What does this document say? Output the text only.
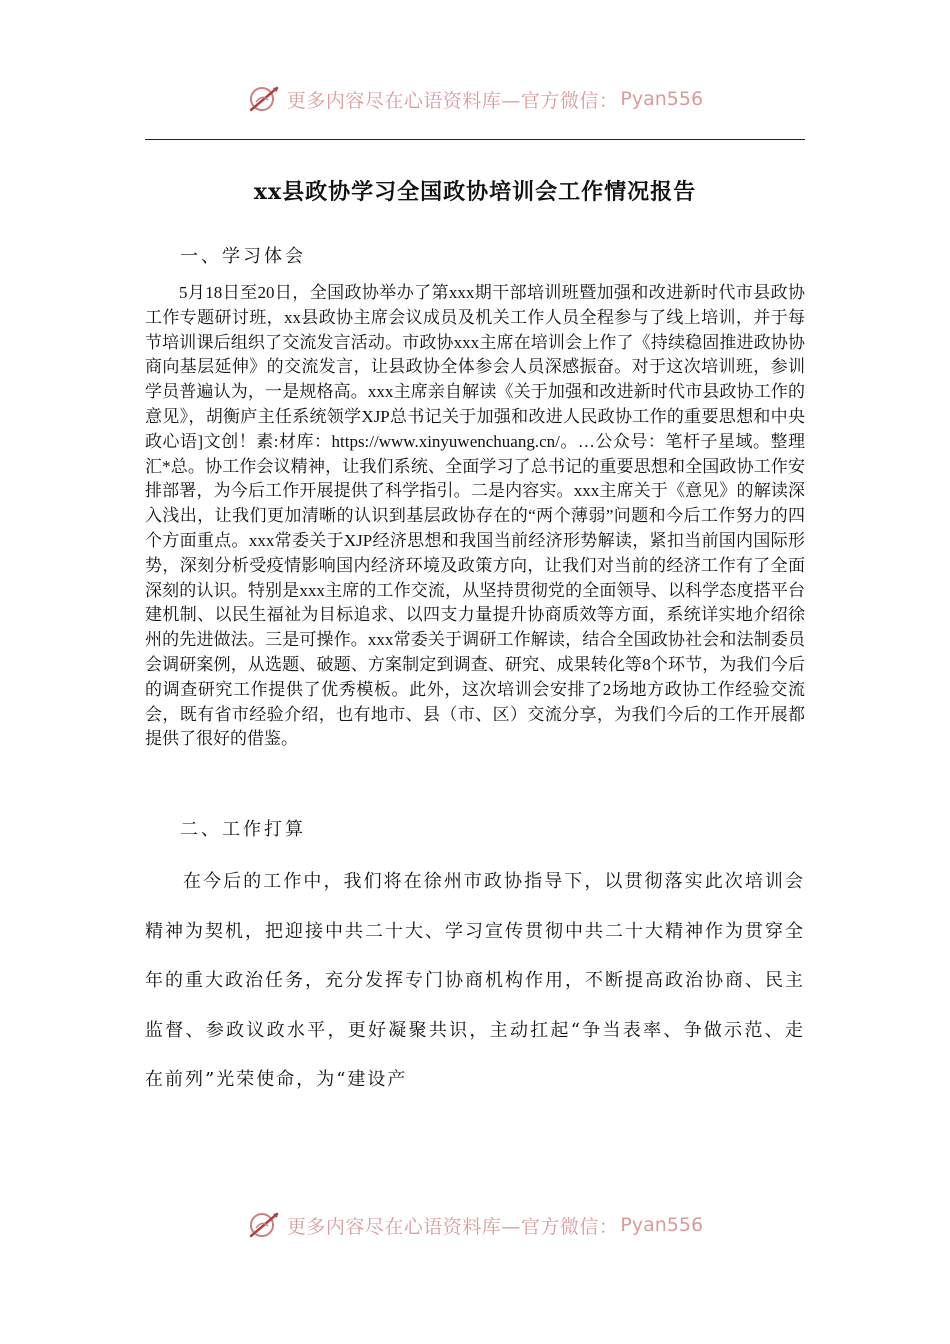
更多内容尽在心语资料库—官方微信： Pyan556
xx县政协学习全国政协培训会工作情况报告
一、学习体会

5月18日至20日，全国政协举办了第xxx期干部培训班暨加强和改进新时代市县政协工作专题研讨班，xx县政协主席会议成员及机关工作人员全程参与了线上培训，并于每节培训课后组织了交流发言活动。市政协xxx主席在培训会上作了《持续稳固推进政协协商向基层延伸》的交流发言，让县政协全体参会人员深感振奋。对于这次培训班，参训学员普遍认为，一是规格高。xxx主席亲自解读《关于加强和改进新时代市县政协工作的意见》，胡衡庐主任系统领学XJP总书记关于加强和改进人民政协工作的重要思想和中央政心语]文创！素:材库：https://www.xinyuwenchuang.cn/。…公众号：笔杆子星域。整理汇*总。协工作会议精神，让我们系统、全面学习了总书记的重要思想和全国政协工作安排部署，为今后工作开展提供了科学指引。二是内容实。xxx主席关于《意见》的解读深入浅出，让我们更加清晰的认识到基层政协存在的“两个薄弱”问题和今后工作努力的四个方面重点。xxx常委关于XJP经济思想和我国当前经济形势解读，紧扣当前国内国际形势，深刻分析受疫情影响国内经济环境及政策方向，让我们对当前的经济工作有了全面深刻的认识。特别是xxx主席的工作交流，从坚持贯彻党的全面领导、以科学态度搭平台建机制、以民生福祉为目标追求、以四支力量提升协商质效等方面，系统详实地介绍徐州的先进做法。三是可操作。xxx常委关于调研工作解读，结合全国政协社会和法制委员会调研案例，从选题、破题、方案制定到调查、研究、成果转化等8个环节，为我们今后的调查研究工作提供了优秀模板。此外，这次培训会安排了2场地方政协工作经验交流会，既有省市经验介绍，也有地市、县（市、区）交流分享，为我们今后的工作开展都提供了很好的借鉴。

二、工作打算

在今后的工作中，我们将在徐州市政协指导下，以贯彻落实此次培训会精神为契机，把迎接中共二十大、学习宣传贯彻中共二十大精神作为贯穿全年的重大政治任务，充分发挥专门协商机构作用，不断提高政治协商、民主监督、参政议政水平，更好凝聚共识，主动扛起“争当表率、争做示范、走在前列”光荣使命，为“建设产

更多内容尽在心语资料库—官方微信： Pyan556
